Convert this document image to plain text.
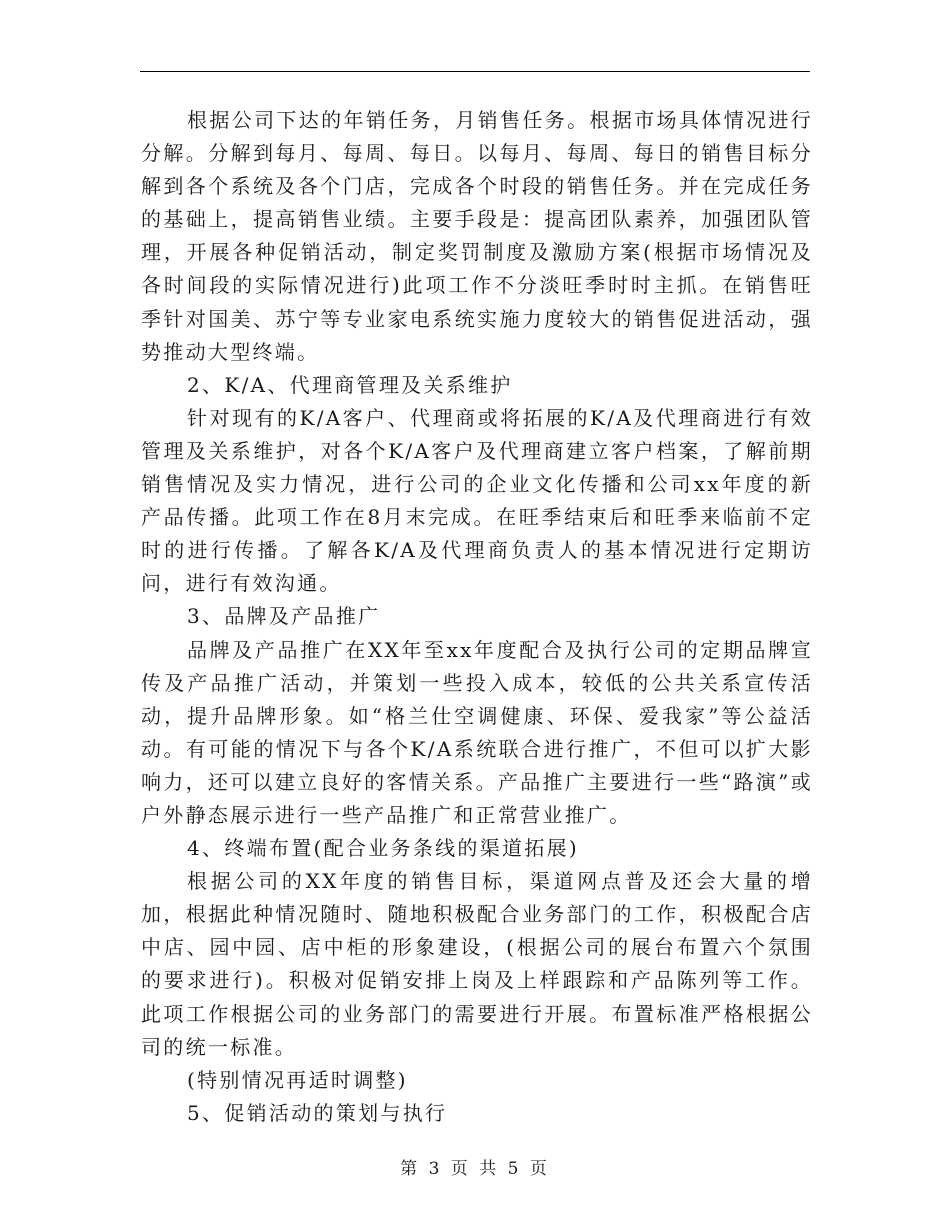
根据公司下达的年销任务，月销售任务。根据市场具体情况进行分解。分解到每月、每周、每日。以每月、每周、每日的销售目标分解到各个系统及各个门店，完成各个时段的销售任务。并在完成任务的基础上，提高销售业绩。主要手段是：提高团队素养，加强团队管理，开展各种促销活动，制定奖罚制度及激励方案(根据市场情况及各时间段的实际情况进行)此项工作不分淡旺季时时主抓。在销售旺季针对国美、苏宁等专业家电系统实施力度较大的销售促进活动，强势推动大型终端。

2、K/A、代理商管理及关系维护

针对现有的K/A客户、代理商或将拓展的K/A及代理商进行有效管理及关系维护，对各个K/A客户及代理商建立客户档案，了解前期销售情况及实力情况，进行公司的企业文化传播和公司xx年度的新产品传播。此项工作在8月末完成。在旺季结束后和旺季来临前不定时的进行传播。了解各K/A及代理商负责人的基本情况进行定期访问，进行有效沟通。

3、品牌及产品推广

品牌及产品推广在XX年至xx年度配合及执行公司的定期品牌宣传及产品推广活动，并策划一些投入成本，较低的公共关系宣传活动，提升品牌形象。如“格兰仕空调健康、环保、爱我家”等公益活动。有可能的情况下与各个K/A系统联合进行推广，不但可以扩大影响力，还可以建立良好的客情关系。产品推广主要进行一些“路演”或户外静态展示进行一些产品推广和正常营业推广。

4、终端布置(配合业务条线的渠道拓展)

根据公司的XX年度的销售目标，渠道网点普及还会大量的增加，根据此种情况随时、随地积极配合业务部门的工作，积极配合店中店、园中园、店中柜的形象建设，(根据公司的展台布置六个氛围的要求进行)。积极对促销安排上岗及上样跟踪和产品陈列等工作。此项工作根据公司的业务部门的需要进行开展。布置标准严格根据公司的统一标准。

(特别情况再适时调整)

5、促销活动的策划与执行

第 3 页 共 5 页
